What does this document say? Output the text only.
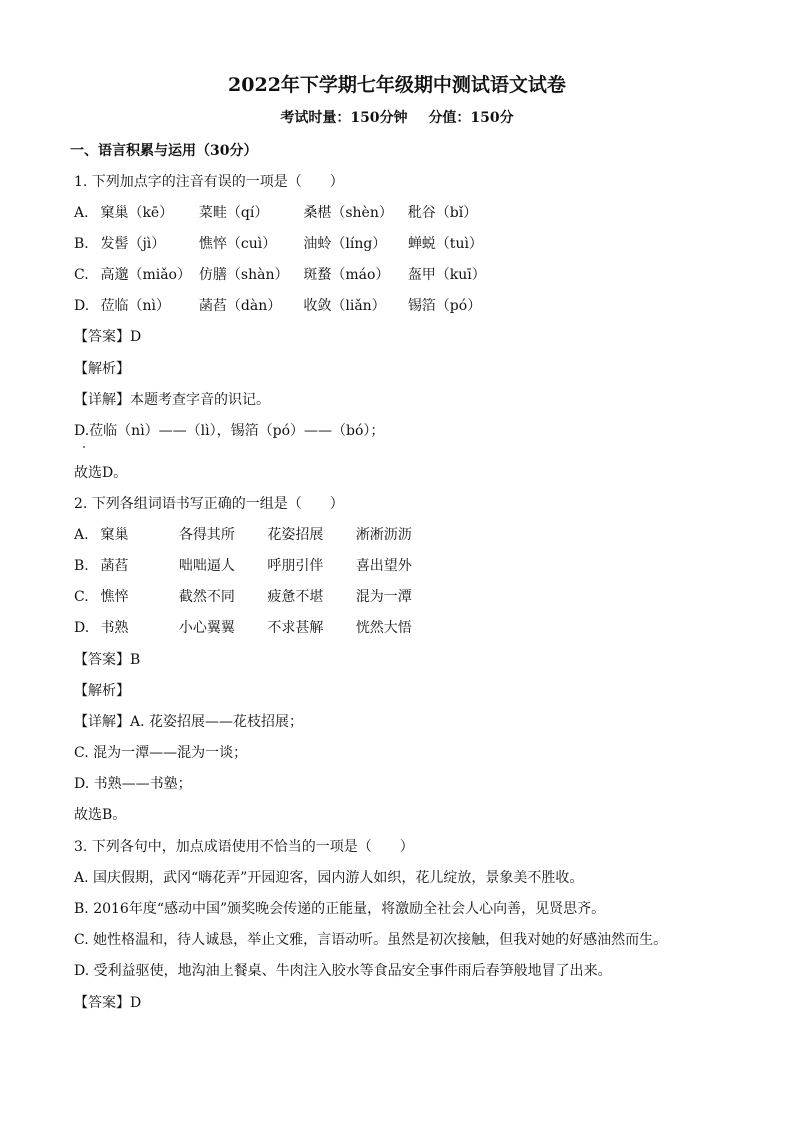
2022年下学期七年级期中测试语文试卷
考试时量：150分钟 分值：150分
一、语言积累与运用（30分）
1. 下列加点字的注音有误的一项是（　　）
A. 窠巢（kē） 菜畦（qí）	桑椹（shèn） 秕谷（bǐ）
B. 发髻（jì） 憔悴（cuì） 油蛉（líng） 蝉蜕（tuì）
C. 高邈（miǎo） 仿膳（shàn） 斑蝥（máo） 盔甲（kuī）
D. 莅临（nì） 菡萏（dàn） 收敛（liǎn） 锡箔（pó）
【答案】D
【解析】
【详解】本题考查字音的识记。
D.莅临（nì）——（lì），锡箔（pó）——（bó）；
故选D。
2. 下列各组词语书写正确的一组是（　　）
A. 窠巢	各得其所 花姿招展 淅淅沥沥
B. 菡萏	咄咄逼人 呼朋引伴 喜出望外
C. 憔悴	截然不同 疲惫不堪 混为一潭
D. 书熟	小心翼翼 不求甚解 恍然大悟
【答案】B
【解析】
【详解】A. 花姿招展——花枝招展；
C. 混为一潭——混为一谈；
D. 书熟——书塾；
故选B。
3. 下列各句中，加点成语使用不恰当的一项是（　　）
A. 国庆假期，武冈“嗨花弄”开园迎客，园内游人如织，花儿绽放，景象美不胜收。
B. 2016年度“感动中国”颁奖晚会传递的正能量，将激励全社会人心向善，见贤思齐。
C. 她性格温和，待人诚恳，举止文雅，言语动听。虽然是初次接触，但我对她的好感油然而生。
D. 受利益驱使，地沟油上餐桌、牛肉注入胶水等食品安全事件雨后春笋般地冒了出来。
【答案】D
